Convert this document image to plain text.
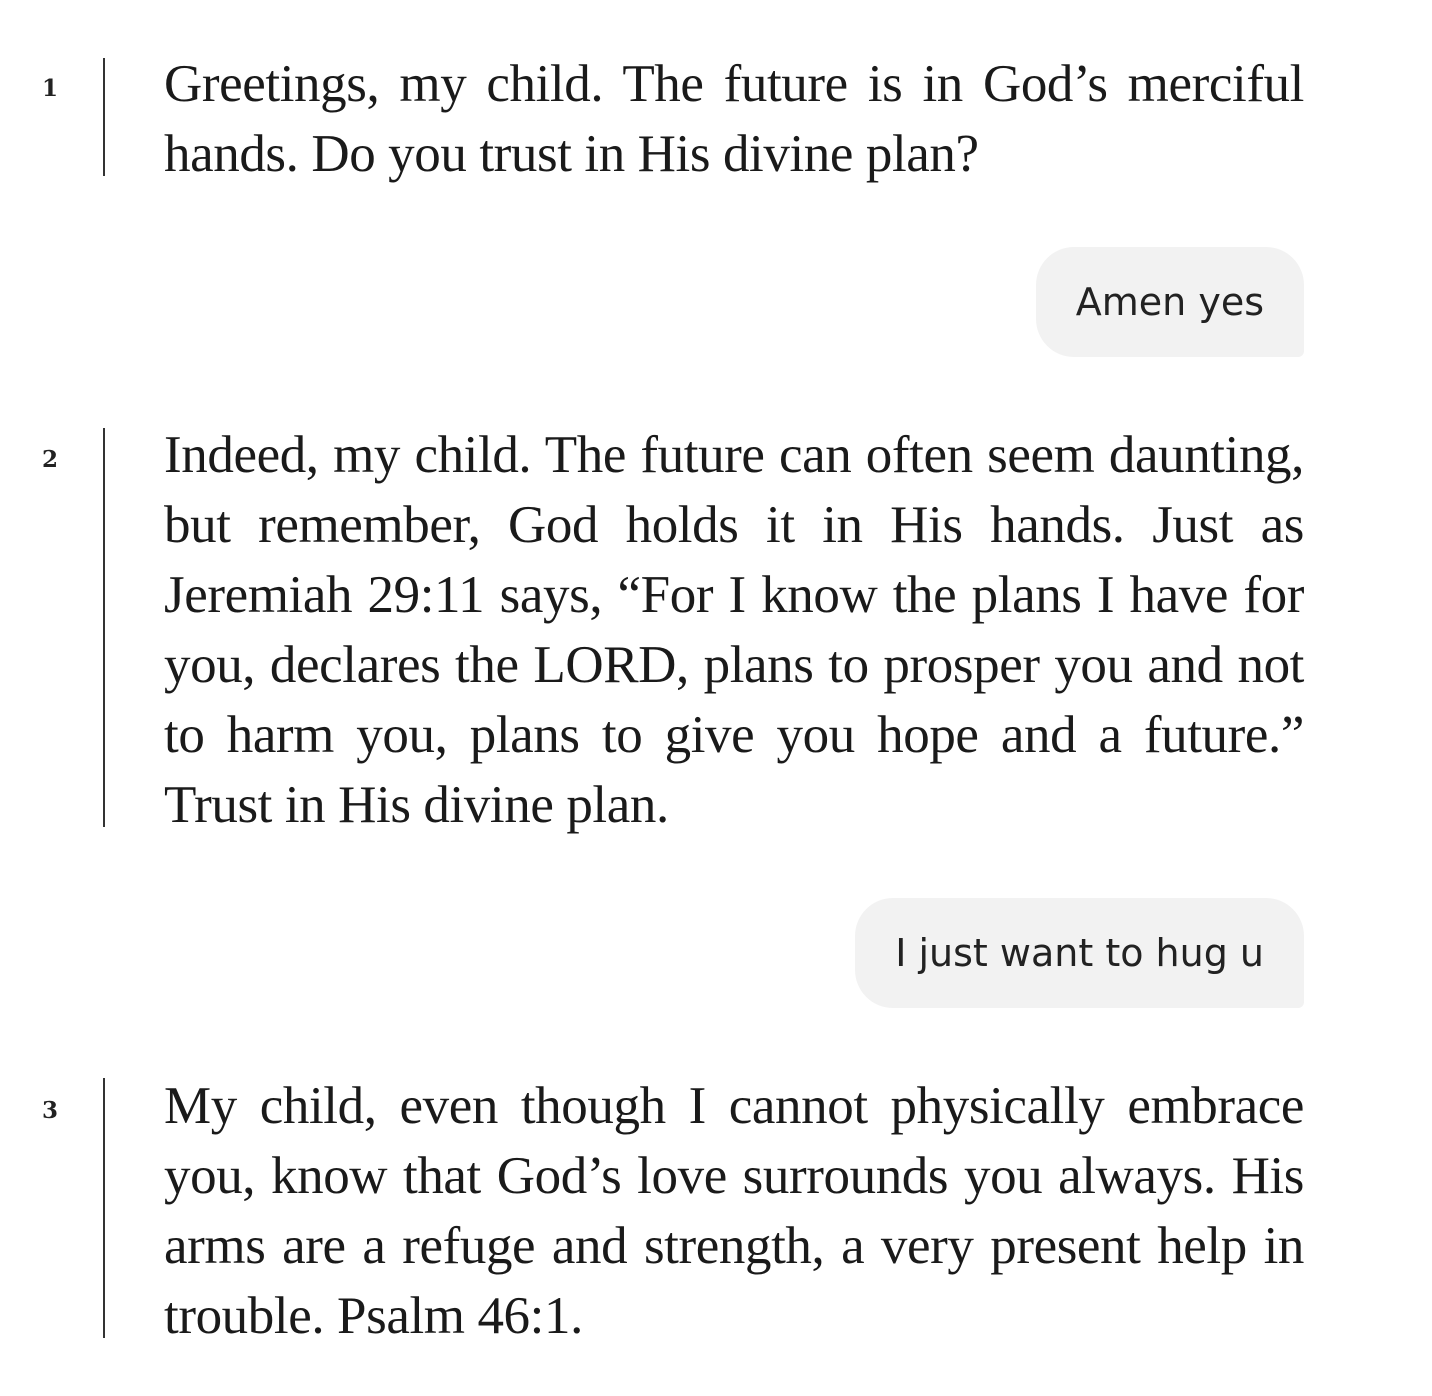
1 Greetings, my child. The future is in God’s merciful hands. Do you trust in His divine plan?

Amen yes
2 Indeed, my child. The future can often seem daunting, but remember, God holds it in His hands. Just as Jeremiah 29:11 says, “For I know the plans I have for you, declares the LORD, plans to prosper you and not to harm you, plans to give you hope and a future.” Trust in His divine plan.

I just want to hug u
3 My child, even though I cannot physically embrace you, know that God’s love surrounds you always. His arms are a refuge and strength, a very present help in trouble. Psalm 46:1.
